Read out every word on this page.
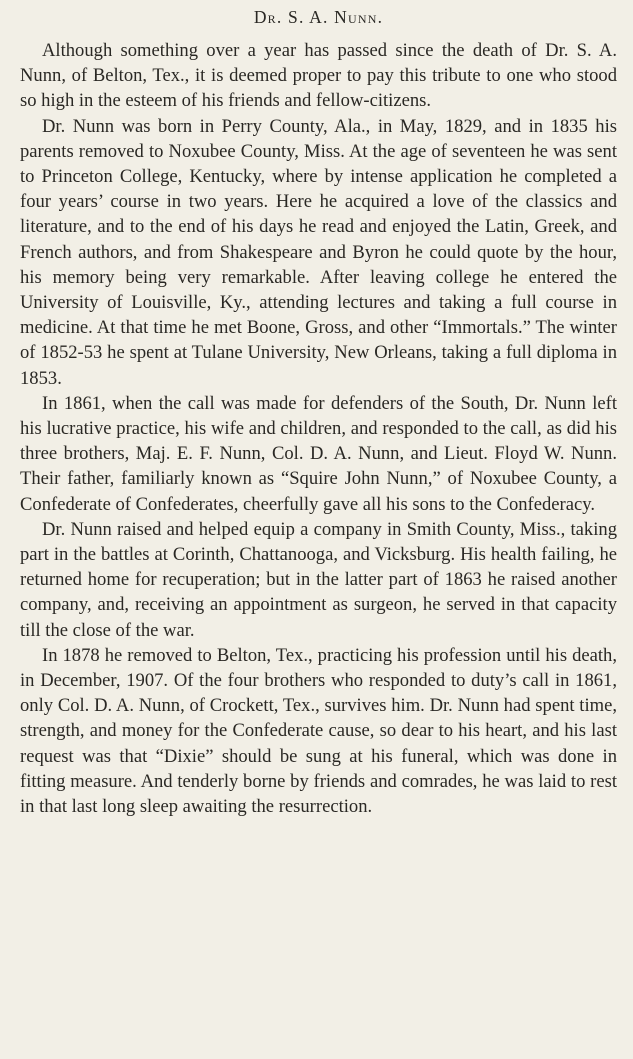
Dr. S. A. Nunn.

Although something over a year has passed since the death of Dr. S. A. Nunn, of Belton, Tex., it is deemed proper to pay this tribute to one who stood so high in the esteem of his friends and fellow-citizens.

Dr. Nunn was born in Perry County, Ala., in May, 1829, and in 1835 his parents removed to Noxubee County, Miss. At the age of seventeen he was sent to Princeton College, Kentucky, where by intense application he completed a four years’ course in two years. Here he acquired a love of the classics and literature, and to the end of his days he read and enjoyed the Latin, Greek, and French authors, and from Shakespeare and Byron he could quote by the hour, his memory being very remarkable. After leaving college he entered the University of Louisville, Ky., attending lectures and taking a full course in medicine. At that time he met Boone, Gross, and other “Immortals.” The winter of 1852-53 he spent at Tulane University, New Orleans, taking a full diploma in 1853.

In 1861, when the call was made for defenders of the South, Dr. Nunn left his lucrative practice, his wife and children, and responded to the call, as did his three brothers, Maj. E. F. Nunn, Col. D. A. Nunn, and Lieut. Floyd W. Nunn. Their father, familiarly known as “Squire John Nunn,” of Noxubee County, a Confederate of Confederates, cheerfully gave all his sons to the Confederacy.

Dr. Nunn raised and helped equip a company in Smith County, Miss., taking part in the battles at Corinth, Chattanooga, and Vicksburg. His health failing, he returned home for recuperation; but in the latter part of 1863 he raised another company, and, receiving an appointment as surgeon, he served in that capacity till the close of the war.

In 1878 he removed to Belton, Tex., practicing his profession until his death, in December, 1907. Of the four brothers who responded to duty’s call in 1861, only Col. D. A. Nunn, of Crockett, Tex., survives him. Dr. Nunn had spent time, strength, and money for the Confederate cause, so dear to his heart, and his last request was that “Dixie” should be sung at his funeral, which was done in fitting measure. And tenderly borne by friends and comrades, he was laid to rest in that last long sleep awaiting the resurrection.
